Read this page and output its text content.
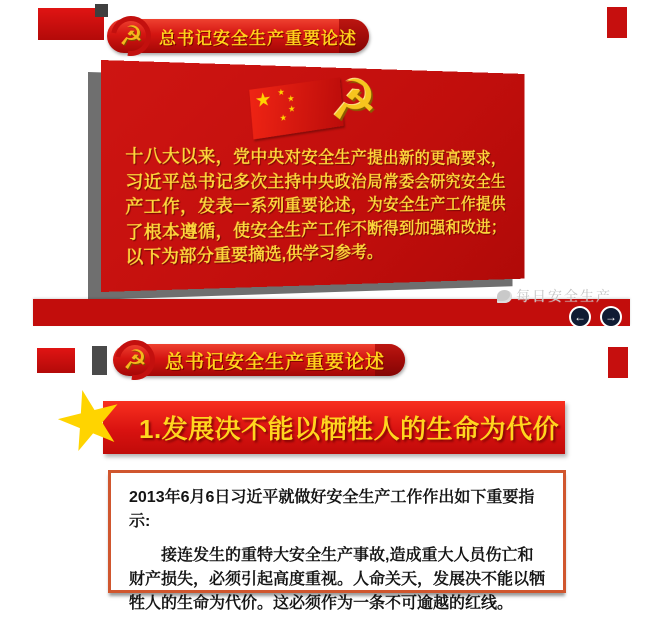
☭ 总书记安全生产重要论述
★ ★
★
★
★ ☭
十八大以来，党中央对安全生产提出新的更高要求，习近平总书记多次主持中央政治局常委会研究安全生产工作，发表一系列重要论述，为安全生产工作提供了根本遵循，使安全生产工作不断得到加强和改进；以下为部分重要摘选,供学习参考。
每日安全生产
← →
☭ 总书记安全生产重要论述
1.发展决不能以牺牲人的生命为代价

2013年6月6日习近平就做好安全生产工作作出如下重要指示:

接连发生的重特大安全生产事故,造成重大人员伤亡和财产损失，必须引起高度重视。人命关天，发展决不能以牺牲人的生命为代价。这必须作为一条不可逾越的红线。
